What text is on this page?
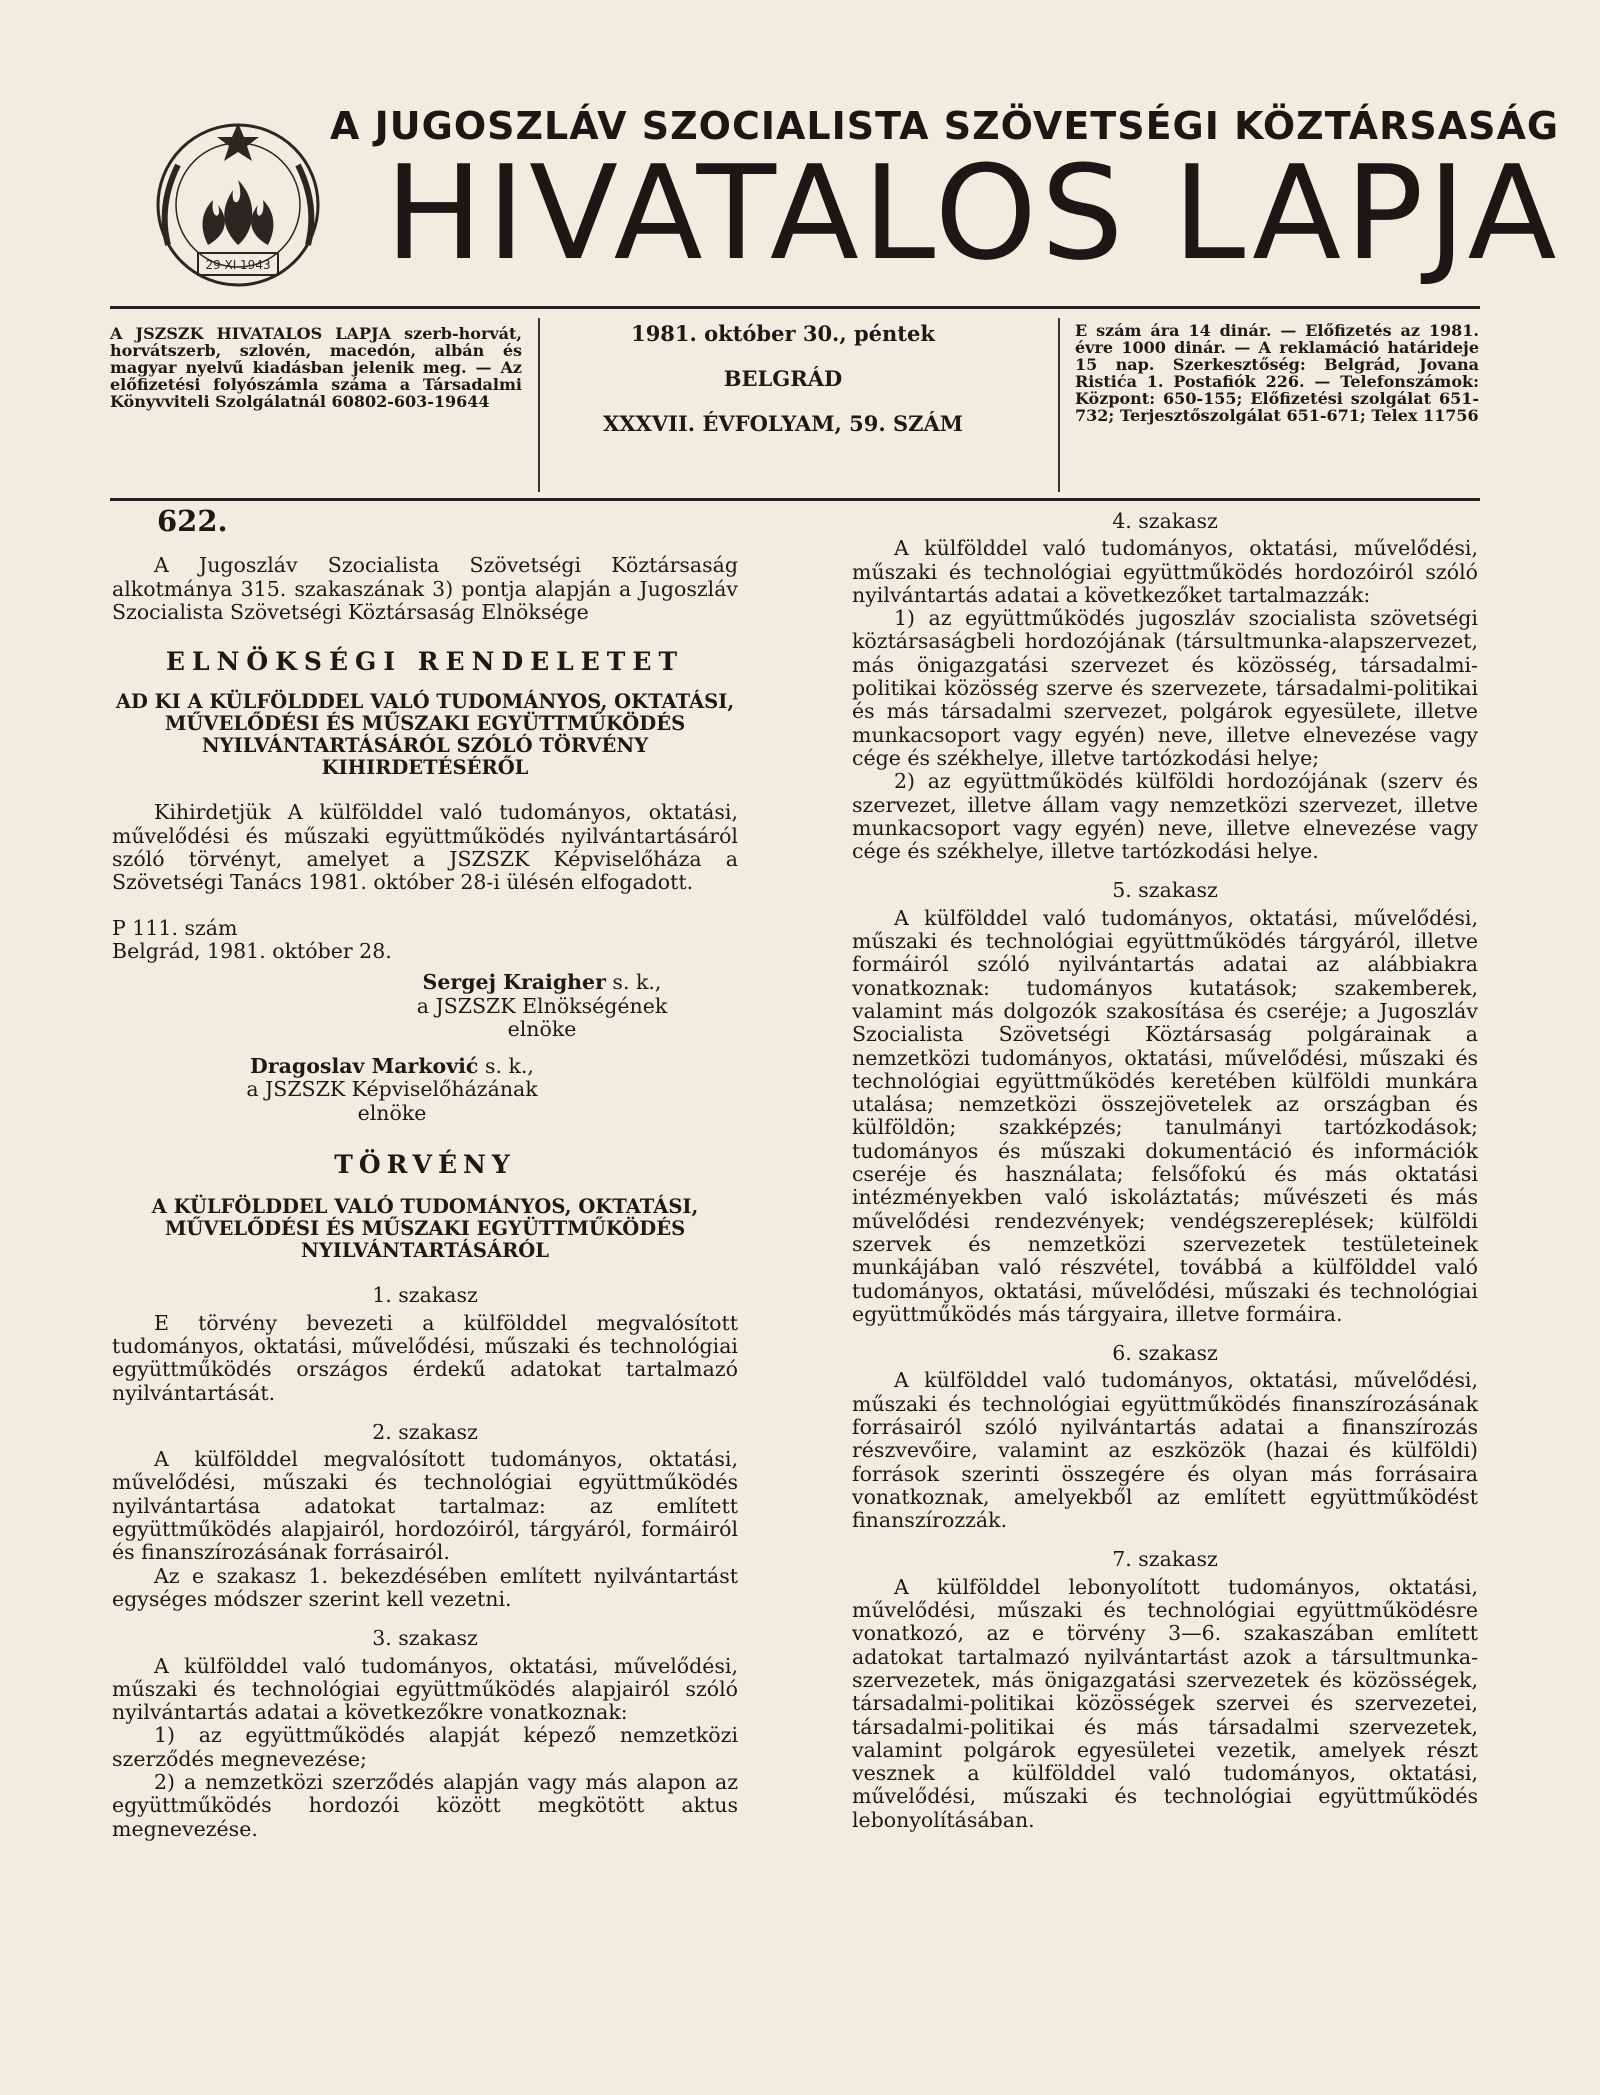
29 XI 1943
A JUGOSZLÁV SZOCIALISTA SZÖVETSÉGI KÖZTÁRSASÁG
HIVATALOS LAPJA
A JSZSZK HIVATALOS LAPJA szerb-horvát, horvátszerb, szlovén, macedón, albán és magyar nyelvű kiadásban jelenik meg. — Az előfizetési folyószámla száma a Társadalmi Könyvviteli Szolgálatnál 60802-603-19644
1981. október 30., péntek
BELGRÁD
XXXVII. ÉVFOLYAM, 59. SZÁM
E szám ára 14 dinár. — Előfizetés az 1981. évre 1000 dinár. — A reklamáció határideje 15 nap. Szerkesztőség: Belgrád, Jovana Ristića 1. Postafiók 226. — Telefonszámok: Központ: 650-155; Előfizetési szolgálat 651-732; Terjesztőszolgálat 651-671; Telex 11756
622.

A Jugoszláv Szocialista Szövetségi Köztársaság alkotmánya 315. szakaszának 3) pontja alapján a Jugoszláv Szocialista Szövetségi Köztársaság Elnöksége

ELNÖKSÉGI RENDELETET
AD KI A KÜLFÖLDDEL VALÓ TUDOMÁNYOS, OKTATÁSI, MŰVELŐDÉSI ÉS MŰSZAKI EGYÜTTMŰKÖDÉS NYILVÁNTARTÁSÁRÓL SZÓLÓ TÖRVÉNY KIHIRDETÉSÉRŐL

Kihirdetjük A külfölddel való tudományos, oktatási, művelődési és műszaki együttműködés nyilvántartásáról szóló törvényt, amelyet a JSZSZK Képviselőháza a Szövetségi Tanács 1981. október 28-i ülésén elfogadott.

P 111. szám

Belgrád, 1981. október 28.

Sergej Kraigher s. k.,
a JSZSZK Elnökségének
elnöke
Dragoslav Marković s. k.,
a JSZSZK Képviselőházának
elnöke
TÖRVÉNY
A KÜLFÖLDDEL VALÓ TUDOMÁNYOS, OKTATÁSI, MŰVELŐDÉSI ÉS MŰSZAKI EGYÜTTMŰKÖDÉS NYILVÁNTARTÁSÁRÓL
1. szakasz

E törvény bevezeti a külfölddel megvalósított tudományos, oktatási, művelődési, műszaki és technológiai együttműködés országos érdekű adatokat tartalmazó nyilvántartását.

2. szakasz

A külfölddel megvalósított tudományos, oktatási, művelődési, műszaki és technológiai együttműködés nyilvántartása adatokat tartalmaz: az említett együttműködés alapjairól, hordozóiról, tárgyáról, formáiról és finanszírozásának forrásairól.

Az e szakasz 1. bekezdésében említett nyilvántartást egységes módszer szerint kell vezetni.

3. szakasz

A külfölddel való tudományos, oktatási, művelődési, műszaki és technológiai együttműködés alapjairól szóló nyilvántartás adatai a következőkre vonatkoznak:

1) az együttműködés alapját képező nemzetközi szerződés megnevezése;

2) a nemzetközi szerződés alapján vagy más alapon az együttműködés hordozói között megkötött aktus megnevezése.

4. szakasz

A külfölddel való tudományos, oktatási, művelődési, műszaki és technológiai együttműködés hordozóiról szóló nyilvántartás adatai a következőket tartalmazzák:

1) az együttműködés jugoszláv szocialista szövetségi köztársaságbeli hordozójának (társultmunka-alapszervezet, más önigazgatási szervezet és közösség, társadalmi-politikai közösség szerve és szervezete, társadalmi-politikai és más társadalmi szervezet, polgárok egyesülete, illetve munkacsoport vagy egyén) neve, illetve elnevezése vagy cége és székhelye, illetve tartózkodási helye;

2) az együttműködés külföldi hordozójának (szerv és szervezet, illetve állam vagy nemzetközi szervezet, illetve munkacsoport vagy egyén) neve, illetve elnevezése vagy cége és székhelye, illetve tartózkodási helye.

5. szakasz

A külfölddel való tudományos, oktatási, művelődési, műszaki és technológiai együttműködés tárgyáról, illetve formáiról szóló nyilvántartás adatai az alábbiakra vonatkoznak: tudományos kutatások; szakemberek, valamint más dolgozók szakosítása és cseréje; a Jugoszláv Szocialista Szövetségi Köztársaság polgárainak a nemzetközi tudományos, oktatási, művelődési, műszaki és technológiai együttműködés keretében külföldi munkára utalása; nemzetközi összejövetelek az országban és külföldön; szakképzés; tanulmányi tartózkodások; tudományos és műszaki dokumentáció és információk cseréje és használata; felsőfokú és más oktatási intézményekben való iskoláztatás; művészeti és más művelődési rendezvények; vendégszereplések; külföldi szervek és nemzetközi szervezetek testületeinek munkájában való részvétel, továbbá a külfölddel való tudományos, oktatási, művelődési, műszaki és technológiai együttműködés más tárgyaira, illetve formáira.

6. szakasz

A külfölddel való tudományos, oktatási, művelődési, műszaki és technológiai együttműködés finanszírozásának forrásairól szóló nyilvántartás adatai a finanszírozás részvevőire, valamint az eszközök (hazai és külföldi) források szerinti összegére és olyan más forrásaira vonatkoznak, amelyekből az említett együttműködést finanszírozzák.

7. szakasz

A külfölddel lebonyolított tudományos, oktatási, művelődési, műszaki és technológiai együttműködésre vonatkozó, az e törvény 3—6. szakaszában említett adatokat tartalmazó nyilvántartást azok a társultmunka-szervezetek, más önigazgatási szervezetek és közösségek, társadalmi-politikai közösségek szervei és szervezetei, társadalmi-politikai és más társadalmi szervezetek, valamint polgárok egyesületei vezetik, amelyek részt vesznek a külfölddel való tudományos, oktatási, művelődési, műszaki és technológiai együttműködés lebonyolításában.
